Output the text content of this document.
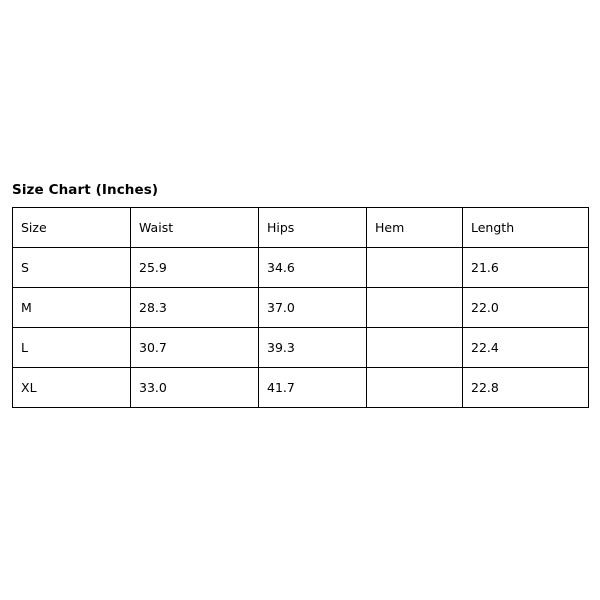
Size Chart (Inches)
Size	Waist	Hips	Hem	Length
S	25.9	34.6		21.6
M	28.3	37.0		22.0
L	30.7	39.3		22.4
XL	33.0	41.7		22.8
